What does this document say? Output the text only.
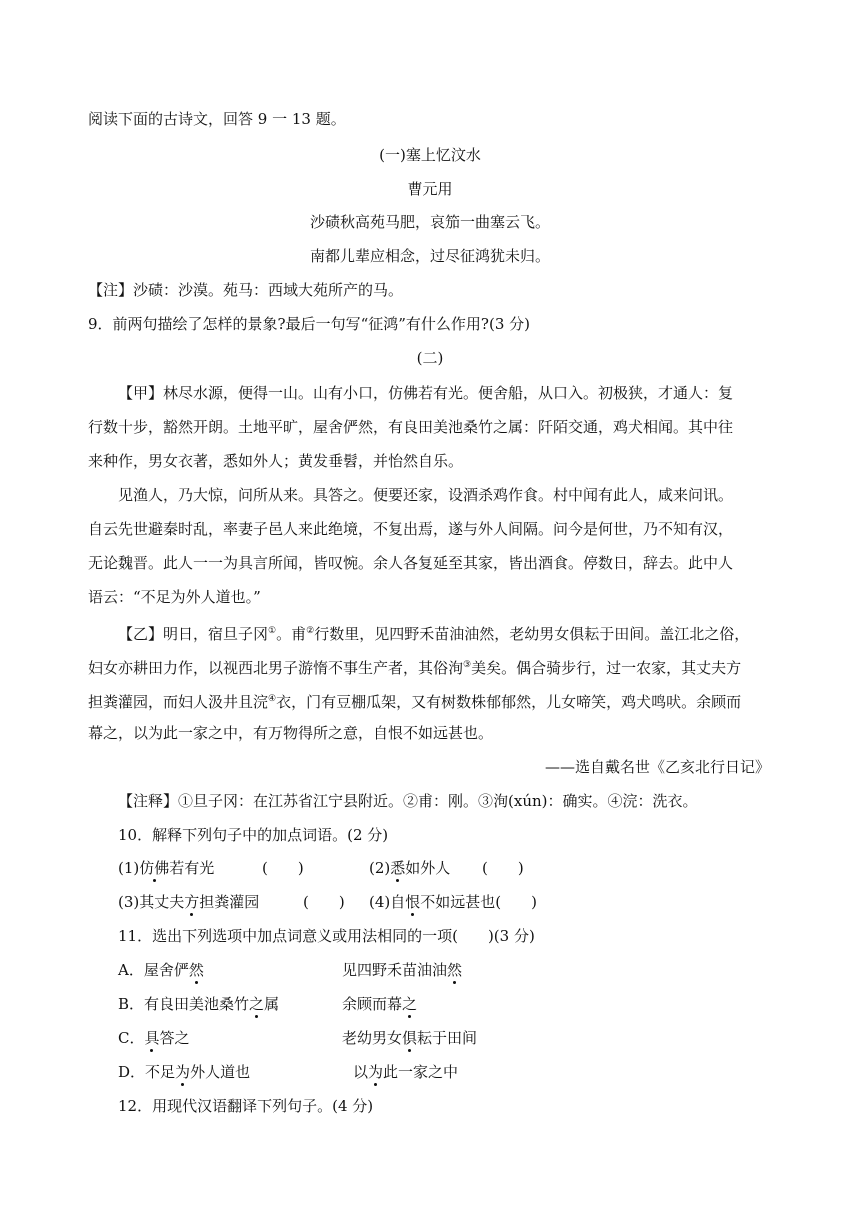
阅读下面的古诗文，回答 9 一 13 题。
(一)塞上忆汶水
曹元用
沙碛秋高苑马肥，哀笳一曲塞云飞。
南都儿辈应相念，过尽征鸿犹未归。
【注】沙碛：沙漠。苑马：西域大苑所产的马。
9．前两句描绘了怎样的景象?最后一句写“征鸿”有什么作用?(3 分)
(二)
【甲】林尽水源，便得一山。山有小口，仿佛若有光。便舍船，从口入。初极狭，才通人：复
行数十步，豁然开朗。土地平旷，屋舍俨然，有良田美池桑竹之属：阡陌交通，鸡犬相闻。其中往
来种作，男女衣著，悉如外人；黄发垂髫，并怡然自乐。
见渔人，乃大惊，问所从来。具答之。便要还家，设酒杀鸡作食。村中闻有此人，咸来问讯。
自云先世避秦时乱，率妻子邑人来此绝境，不复出焉，遂与外人间隔。问今是何世，乃不知有汉，
无论魏晋。此人一一为具言所闻，皆叹惋。余人各复延至其家，皆出酒食。停数日，辞去。此中人
语云：“不足为外人道也。”
【乙】明日，宿旦子冈①。甫②行数里，见四野禾苗油油然，老幼男女俱耘于田间。盖江北之俗，
妇女亦耕田力作，以视西北男子游惰不事生产者，其俗洵③美矣。偶合骑步行，过一农家，其丈夫方
担粪灌园，而妇人汲井且浣④衣，门有豆棚瓜架，又有树数株郁郁然，儿女啼笑，鸡犬鸣吠。余顾而
幕之，以为此一家之中，有万物得所之意，自恨不如远甚也。
——选自戴名世《乙亥北行日记》
【注释】①旦子冈：在江苏省江宁县附近。②甫：刚。③洵(xún)：确实。④浣：洗衣。
10．解释下列句子中的加点词语。(2 分)
(1)仿佛若有光	(　　)	(2)悉如外人 (　　)
(3)其丈夫方担粪灌园	(　　) (4)自恨不如远甚也(　　)
11．选出下列选项中加点词意义或用法相同的一项(　　)(3 分)
A．屋舍俨然	见四野禾苗油油然
B．有良田美池桑竹之属	余顾而幕之
C．具答之	老幼男女俱耘于田间
D．不足为外人道也	以为此一家之中
12．用现代汉语翻译下列句子。(4 分)
